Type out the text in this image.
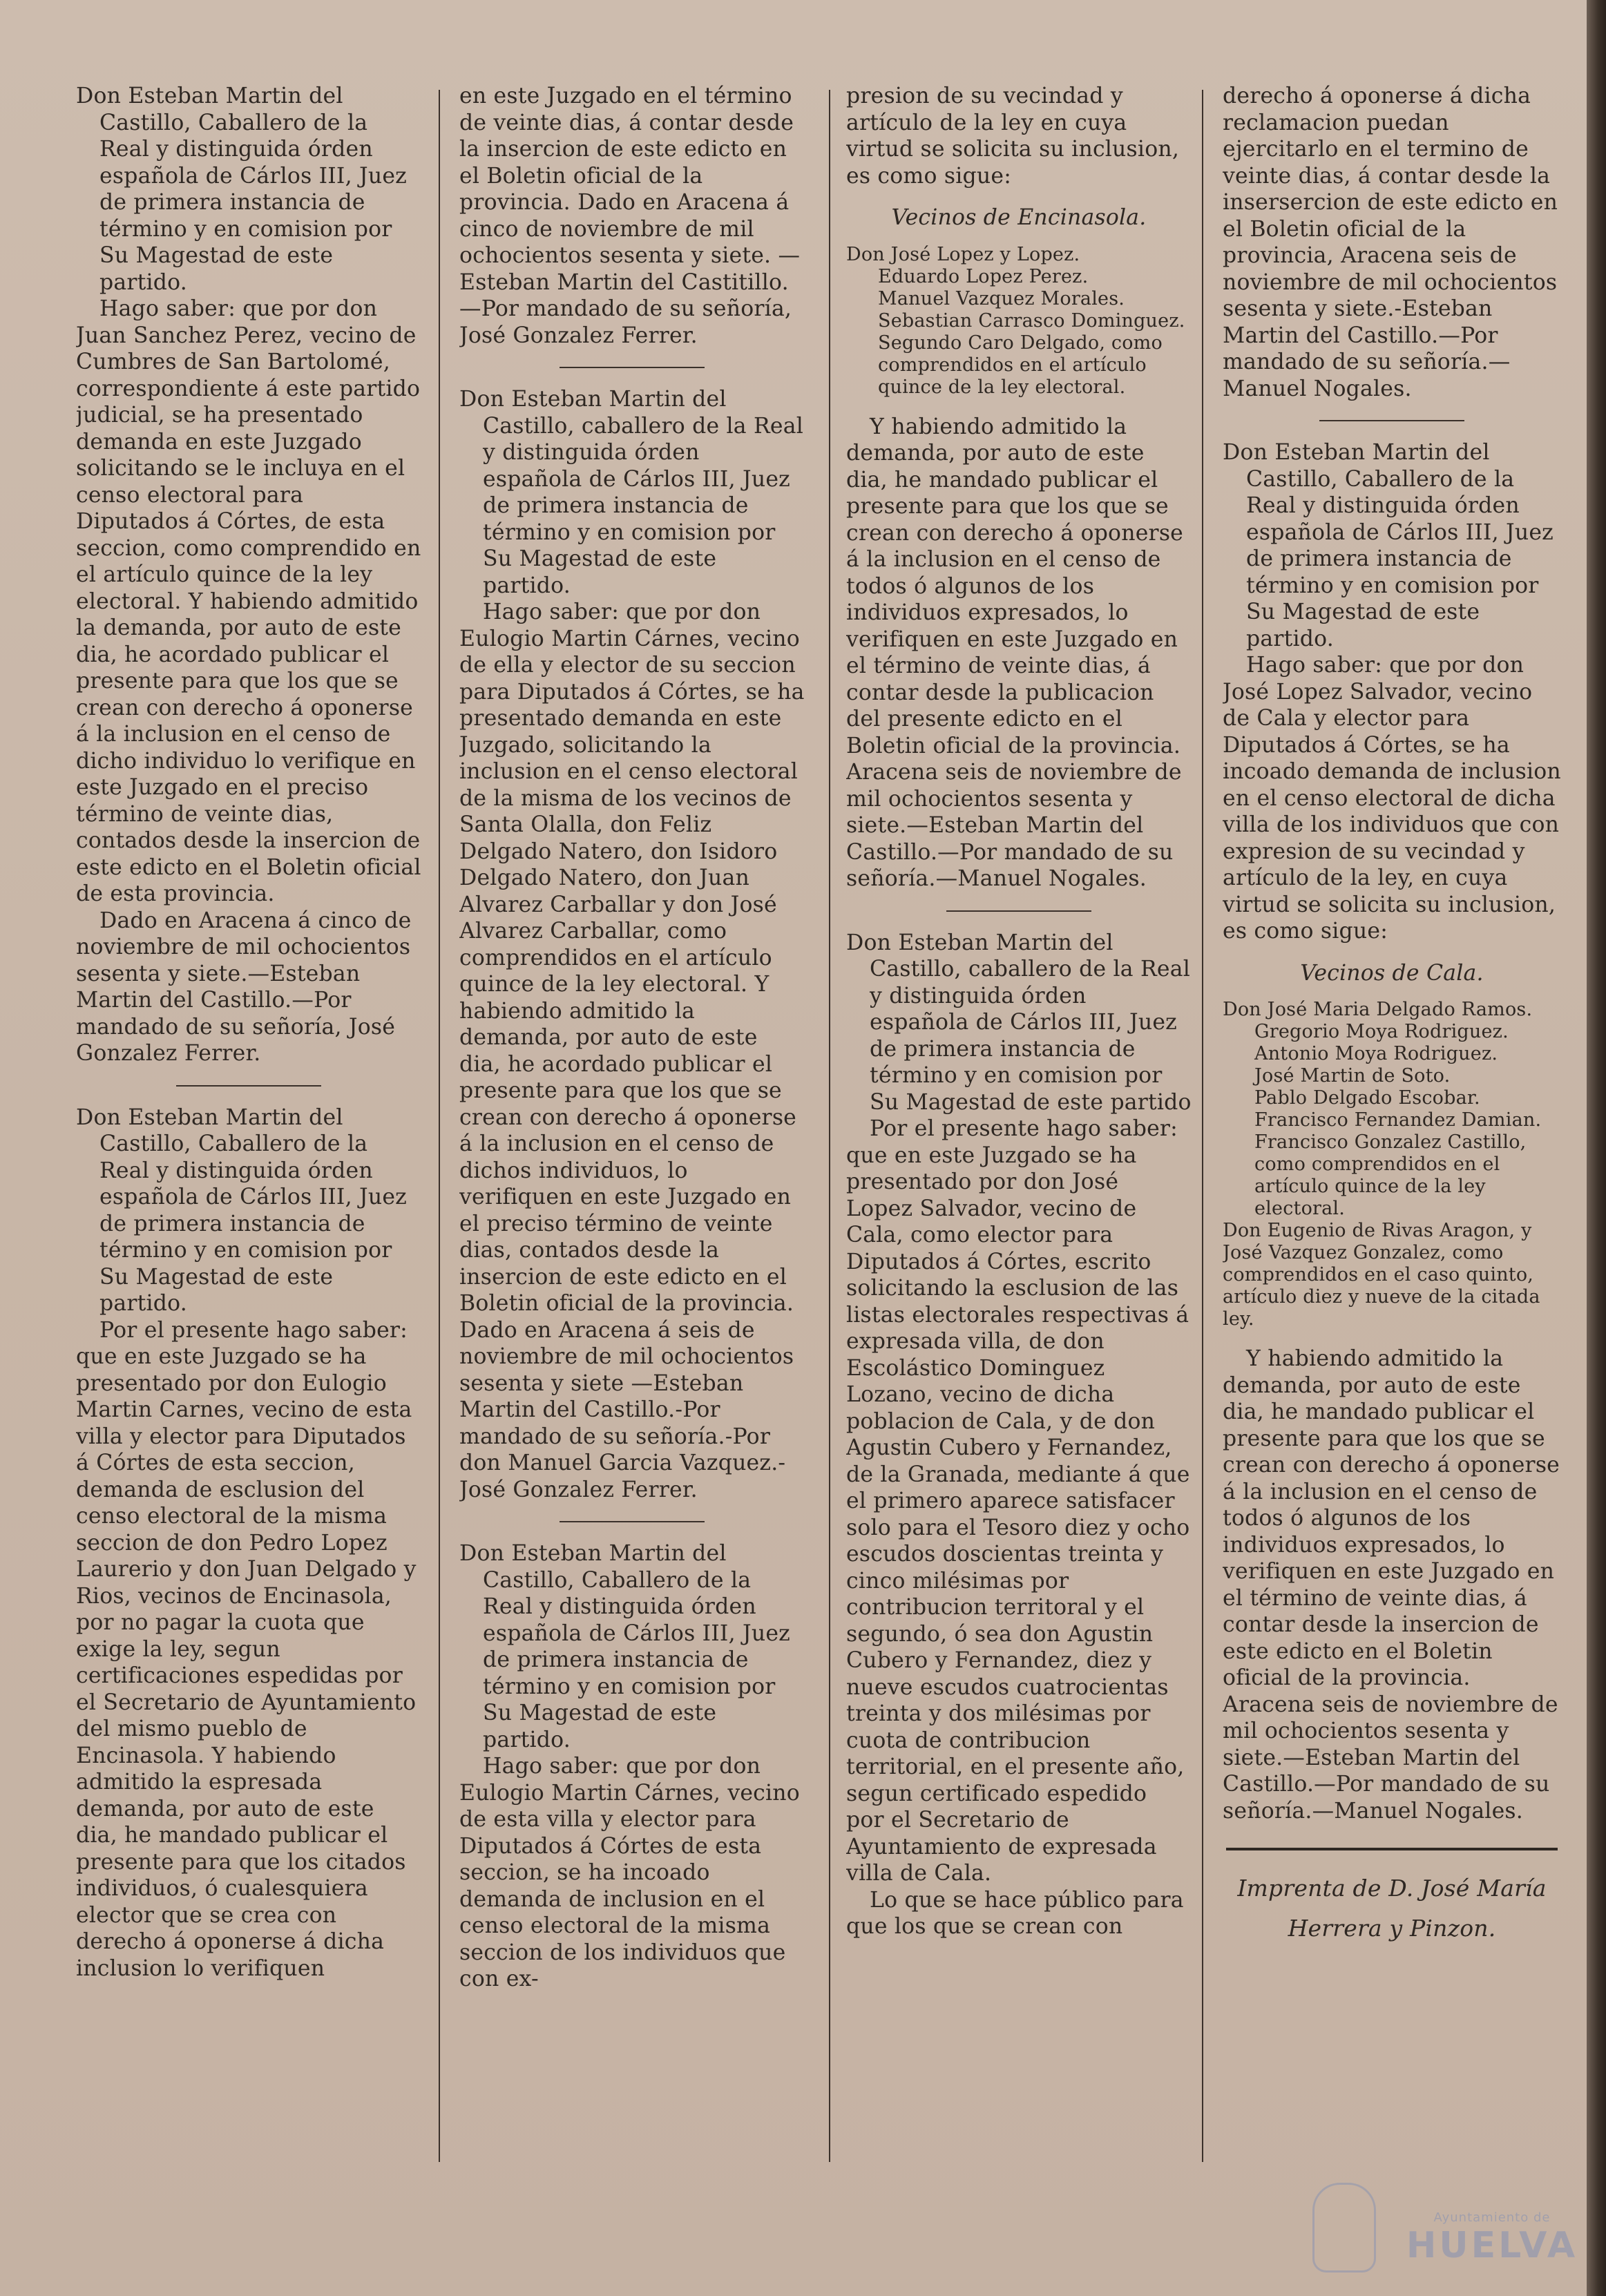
Don Esteban Martin del Castillo, Caballero de la Real y distinguida órden española de Cárlos III, Juez de primera instancia de término y en comision por Su Magestad de este partido.

Hago saber: que por don Juan Sanchez Perez, vecino de Cumbres de San Bartolomé, correspondiente á este partido judicial, se ha presentado demanda en este Juzgado solicitando se le incluya en el censo electoral para Diputados á Córtes, de esta seccion, como comprendido en el artículo quince de la ley electoral. Y habiendo admitido la demanda, por auto de este dia, he acordado publicar el presente para que los que se crean con derecho á oponerse á la inclusion en el censo de dicho individuo lo verifique en este Juzgado en el preciso término de veinte dias, contados desde la insercion de este edicto en el Boletin oficial de esta provincia.

Dado en Aracena á cinco de noviembre de mil ochocientos sesenta y siete.—Esteban Martin del Castillo.—Por mandado de su señoría, José Gonzalez Ferrer.

Don Esteban Martin del Castillo, Caballero de la Real y distinguida órden española de Cárlos III, Juez de primera instancia de término y en comision por Su Magestad de este partido.

Por el presente hago saber: que en este Juzgado se ha presentado por don Eulogio Martin Carnes, vecino de esta villa y elector para Diputados á Córtes de esta seccion, demanda de esclusion del censo electoral de la misma seccion de don Pedro Lopez Laurerio y don Juan Delgado y Rios, vecinos de Encinasola, por no pagar la cuota que exige la ley, segun certificaciones espedidas por el Secretario de Ayuntamiento del mismo pueblo de Encinasola. Y habiendo admitido la espresada demanda, por auto de este dia, he mandado publicar el presente para que los citados individuos, ó cualesquiera elector que se crea con derecho á oponerse á dicha inclusion lo verifiquen

en este Juzgado en el término de veinte dias, á contar desde la insercion de este edicto en el Boletin oficial de la provincia. Dado en Aracena á cinco de noviembre de mil ochocientos sesenta y siete. —Esteban Martin del Castitillo.—Por mandado de su señoría, José Gonzalez Ferrer.

Don Esteban Martin del Castillo, caballero de la Real y distinguida órden española de Cárlos III, Juez de primera instancia de término y en comision por Su Magestad de este partido.

Hago saber: que por don Eulogio Martin Cárnes, vecino de ella y elector de su seccion para Diputados á Córtes, se ha presentado demanda en este Juzgado, solicitando la inclusion en el censo electoral de la misma de los vecinos de Santa Olalla, don Feliz Delgado Natero, don Isidoro Delgado Natero, don Juan Alvarez Carballar y don José Alvarez Carballar, como comprendidos en el artículo quince de la ley electoral. Y habiendo admitido la demanda, por auto de este dia, he acordado publicar el presente para que los que se crean con derecho á oponerse á la inclusion en el censo de dichos individuos, lo verifiquen en este Juzgado en el preciso término de veinte dias, contados desde la insercion de este edicto en el Boletin oficial de la provincia. Dado en Aracena á seis de noviembre de mil ochocientos sesenta y siete —Esteban Martin del Castillo.-Por mandado de su señoría.-Por don Manuel Garcia Vazquez.-José Gonzalez Ferrer.

Don Esteban Martin del Castillo, Caballero de la Real y distinguida órden española de Cárlos III, Juez de primera instancia de término y en comision por Su Magestad de este partido.

Hago saber: que por don Eulogio Martin Cárnes, vecino de esta villa y elector para Diputados á Córtes de esta seccion, se ha incoado demanda de inclusion en el censo electoral de la misma seccion de los individuos que con ex-

presion de su vecindad y artículo de la ley en cuya virtud se solicita su inclusion, es como sigue:

Vecinos de Encinasola.

Don José Lopez y Lopez.

Eduardo Lopez Perez.

Manuel Vazquez Morales.

Sebastian Carrasco Dominguez.

Segundo Caro Delgado, como comprendidos en el artículo quince de la ley electoral.

Y habiendo admitido la demanda, por auto de este dia, he mandado publicar el presente para que los que se crean con derecho á oponerse á la inclusion en el censo de todos ó algunos de los individuos expresados, lo verifiquen en este Juzgado en el término de veinte dias, á contar desde la publicacion del presente edicto en el Boletin oficial de la provincia. Aracena seis de noviembre de mil ochocientos sesenta y siete.—Esteban Martin del Castillo.—Por mandado de su señoría.—Manuel Nogales.

Don Esteban Martin del Castillo, caballero de la Real y distinguida órden española de Cárlos III, Juez de primera instancia de término y en comision por Su Magestad de este partido

Por el presente hago saber: que en este Juzgado se ha presentado por don José Lopez Salvador, vecino de Cala, como elector para Diputados á Córtes, escrito solicitando la esclusion de las listas electorales respectivas á expresada villa, de don Escolástico Dominguez Lozano, vecino de dicha poblacion de Cala, y de don Agustin Cubero y Fernandez, de la Granada, mediante á que el primero aparece satisfacer solo para el Tesoro diez y ocho escudos doscientas treinta y cinco milésimas por contribucion territoral y el segundo, ó sea don Agustin Cubero y Fernandez, diez y nueve escudos cuatrocientas treinta y dos milésimas por cuota de contribucion territorial, en el presente año, segun certificado espedido por el Secretario de Ayuntamiento de expresada villa de Cala.

Lo que se hace público para que los que se crean con

derecho á oponerse á dicha reclamacion puedan ejercitarlo en el termino de veinte dias, á contar desde la insersercion de este edicto en el Boletin oficial de la provincia, Aracena seis de noviembre de mil ochocientos sesenta y siete.-Esteban Martin del Castillo.—Por mandado de su señoría.—Manuel Nogales.

Don Esteban Martin del Castillo, Caballero de la Real y distinguida órden española de Cárlos III, Juez de primera instancia de término y en comision por Su Magestad de este partido.

Hago saber: que por don José Lopez Salvador, vecino de Cala y elector para Diputados á Córtes, se ha incoado demanda de inclusion en el censo electoral de dicha villa de los individuos que con expresion de su vecindad y artículo de la ley, en cuya virtud se solicita su inclusion, es como sigue:

Vecinos de Cala.

Don José Maria Delgado Ramos.

Gregorio Moya Rodriguez.

Antonio Moya Rodriguez.

José Martin de Soto.

Pablo Delgado Escobar.

Francisco Fernandez Damian.

Francisco Gonzalez Castillo, como comprendidos en el artículo quince de la ley electoral.

Don Eugenio de Rivas Aragon, y José Vazquez Gonzalez, como comprendidos en el caso quinto, artículo diez y nueve de la citada ley.

Y habiendo admitido la demanda, por auto de este dia, he mandado publicar el presente para que los que se crean con derecho á oponerse á la inclusion en el censo de todos ó algunos de los individuos expresados, lo verifiquen en este Juzgado en el término de veinte dias, á contar desde la insercion de este edicto en el Boletin oficial de la provincia. Aracena seis de noviembre de mil ochocientos sesenta y siete.—Esteban Martin del Castillo.—Por mandado de su señoría.—Manuel Nogales.

Imprenta de D. José María
Herrera y Pinzon.
Ayuntamiento de
HUELVA
